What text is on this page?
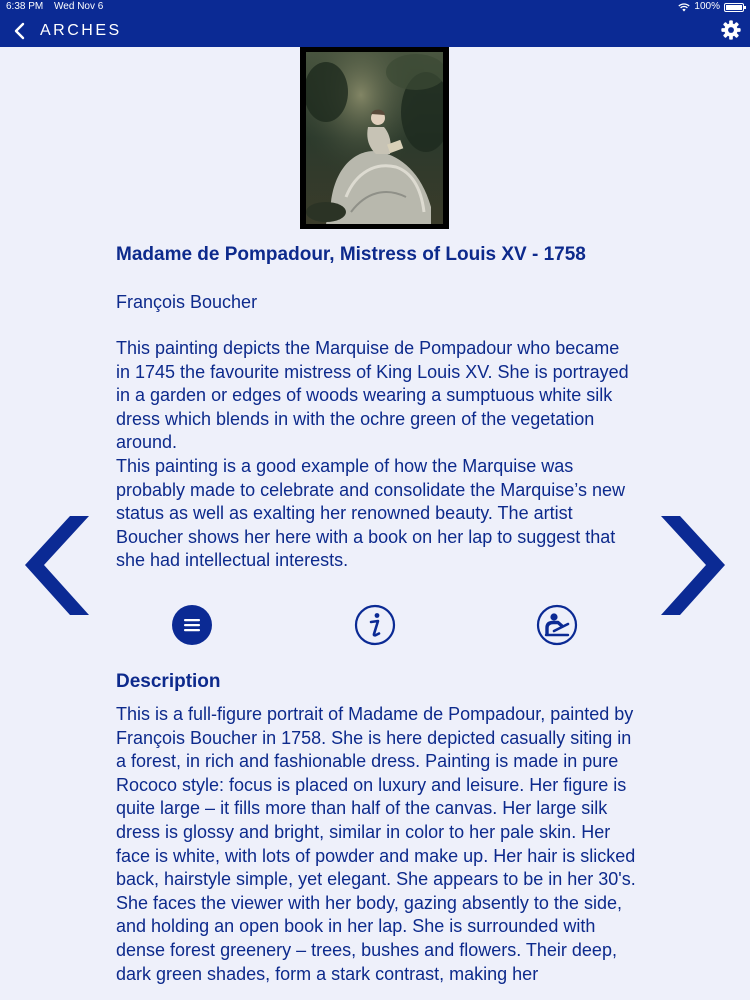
6:38 PM Wed Nov 6	100%
ARCHES
Madame de Pompadour, Mistress of Louis XV - 1758

François Boucher

This painting depicts the Marquise de Pompadour who became in 1745 the favourite mistress of King Louis XV. She is portrayed in a garden or edges of woods wearing a sumptuous white silk dress which blends in with the ochre green of the vegetation around.

This painting is a good example of how the Marquise was probably made to celebrate and consolidate the Marquise’s new status as well as exalting her renowned beauty. The artist Boucher shows her here with a book on her lap to suggest that she had intellectual interests.

Description

This is a full-figure portrait of Madame de Pompadour, painted by François Boucher in 1758. She is here depicted casually siting in a forest, in rich and fashionable dress. Painting is made in pure Rococo style: focus is placed on luxury and leisure. Her figure is quite large – it fills more than half of the canvas. Her large silk dress is glossy and bright, similar in color to her pale skin. Her face is white, with lots of powder and make up. Her hair is slicked back, hairstyle simple, yet elegant. She appears to be in her 30's. She faces the viewer with her body, gazing absently to the side, and holding an open book in her lap. She is surrounded with dense forest greenery – trees, bushes and flowers. Their deep, dark green shades, form a stark contrast, making her
